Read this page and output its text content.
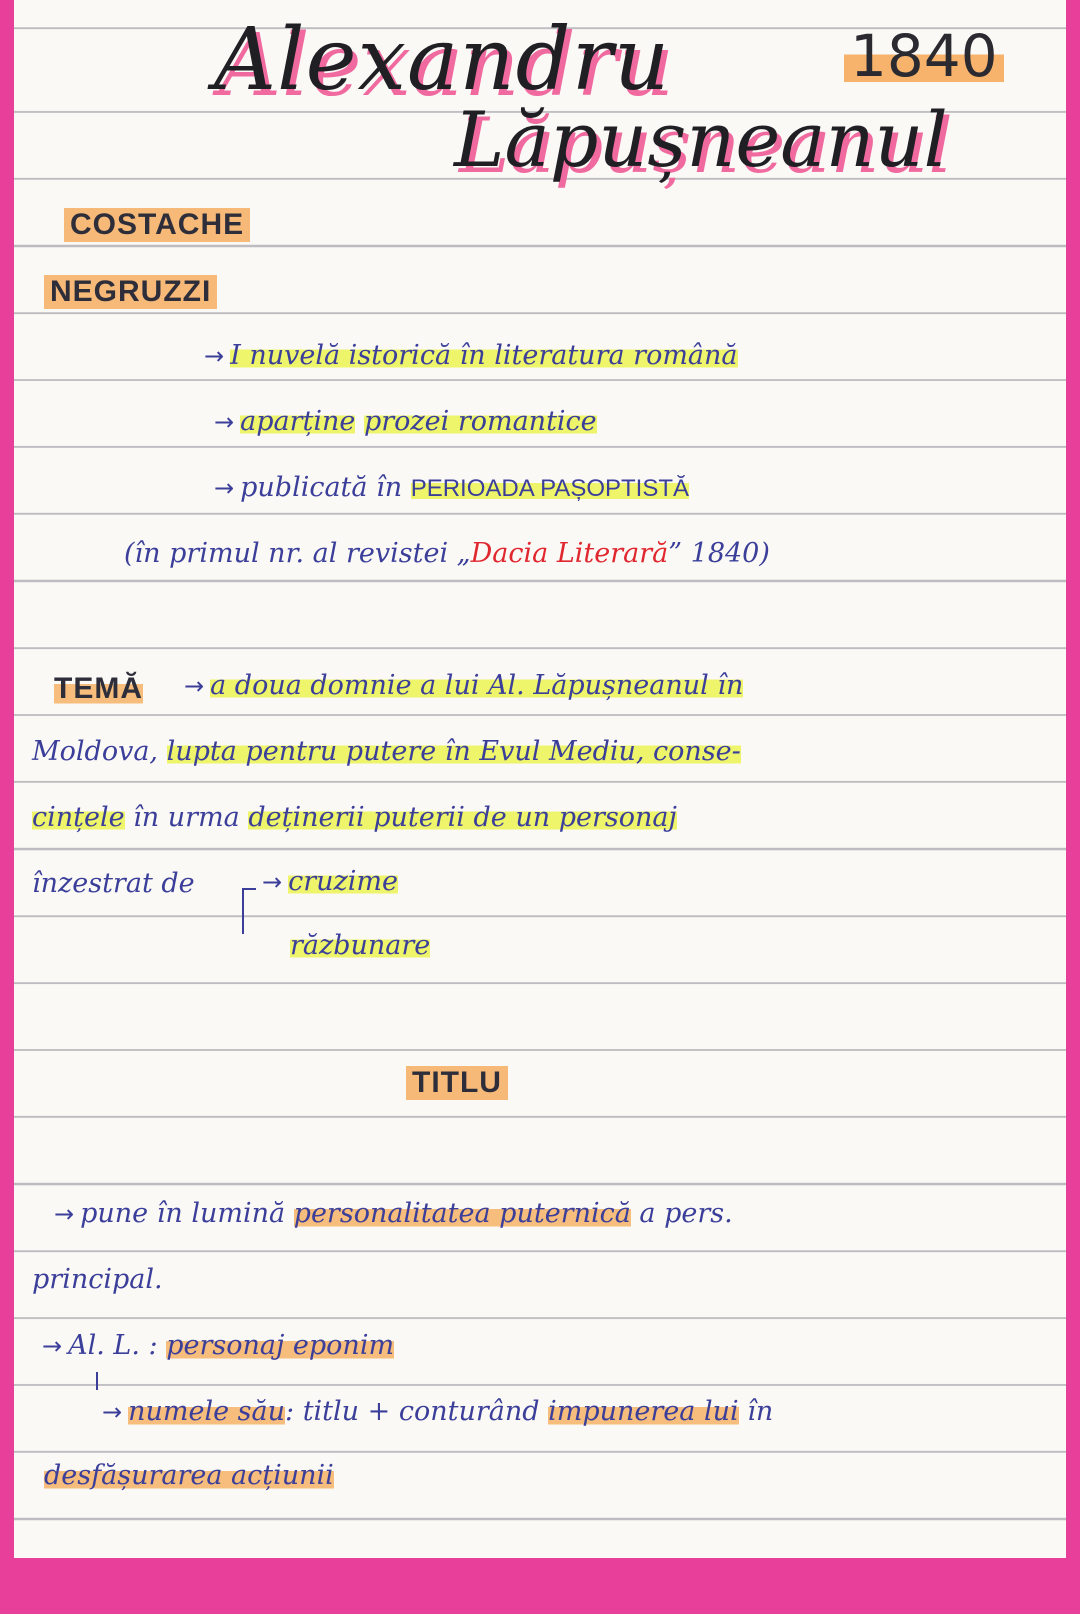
Alexandru
Lăpușneanul
1840
COSTACHE
NEGRUZZI
→ I nuvelă istorică în literatura română
→ aparține prozei romantice
→ publicată în PERIOADA PAȘOPTISTĂ
(în primul nr. al revistei „Dacia Literară” 1840)
TEMĂ → a doua domnie a lui Al. Lăpușneanul în
Moldova, lupta pentru putere în Evul Mediu, conse-
cințele în urma deținerii puterii de un personaj
înzestrat de	→ cruzime
răzbunare
TITLU
→ pune în lumină personalitatea puternică a pers.
principal.
→ Al. L. : personaj eponim
→ numele său: titlu + conturând impunerea lui în
desfășurarea acțiunii
